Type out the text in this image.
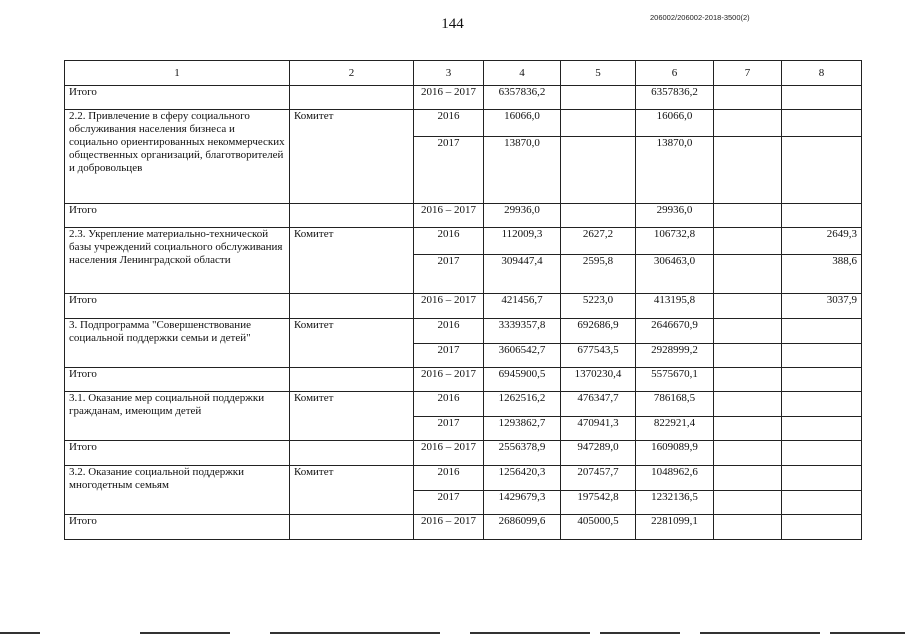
144	206002/206002-2018-3500(2)
1	2	3	4	5	6	7	8
Итого		2016 – 2017	6357836,2		6357836,2		
2.2. Привлечение в сферу социального обслуживания населения бизнеса и социально ориентированных некоммерческих общественных организаций, благотворителей и добровольцев	Комитет	2016	16066,0		16066,0		
		2017	13870,0		13870,0		
Итого		2016 – 2017	29936,0		29936,0		
2.3. Укрепление материально-технической базы учреждений социального обслуживания населения Ленинградской области	Комитет	2016	112009,3	2627,2	106732,8		2649,3
		2017	309447,4	2595,8	306463,0		388,6
Итого		2016 – 2017	421456,7	5223,0	413195,8		3037,9
3. Подпрограмма "Совершенствование социальной поддержки семьи и детей"	Комитет	2016	3339357,8	692686,9	2646670,9		
		2017	3606542,7	677543,5	2928999,2		
Итого		2016 – 2017	6945900,5	1370230,4	5575670,1		
3.1. Оказание мер социальной поддержки гражданам, имеющим детей	Комитет	2016	1262516,2	476347,7	786168,5		
		2017	1293862,7	470941,3	822921,4		
Итого		2016 – 2017	2556378,9	947289,0	1609089,9		
3.2. Оказание социальной поддержки многодетным семьям	Комитет	2016	1256420,3	207457,7	1048962,6		
		2017	1429679,3	197542,8	1232136,5		
Итого		2016 – 2017	2686099,6	405000,5	2281099,1		
